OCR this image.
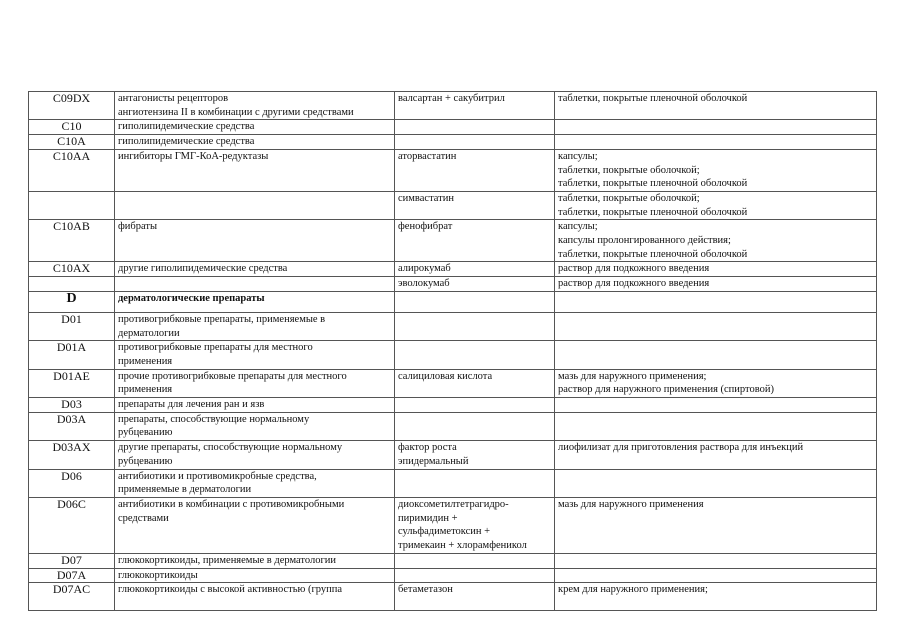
C09DX	антагонисты рецепторов
ангиотензина II в комбинации с другими средствами	валсартан + сакубитрил	таблетки, покрытые пленочной оболочкой

C10	гиполипидемические средства		

C10A	гиполипидемические средства		

C10AA	ингибиторы ГМГ-КоА-редуктазы	аторвастатин	капсулы;
таблетки, покрытые оболочкой;
таблетки, покрытые пленочной оболочкой

		симвастатин	таблетки, покрытые оболочкой;
таблетки, покрытые пленочной оболочкой

C10AB	фибраты	фенофибрат	капсулы;
капсулы пролонгированного действия;
таблетки, покрытые пленочной оболочкой

C10AX	другие гиполипидемические средства	алирокумаб	раствор для подкожного введения

		эволокумаб	раствор для подкожного введения

D	дерматологические препараты		

D01	противогрибковые препараты, применяемые в
дерматологии		

D01A	противогрибковые препараты для местного
применения		

D01AE	прочие противогрибковые препараты для местного
применения	салициловая кислота	мазь для наружного применения;
раствор для наружного применения (спиртовой)

D03	препараты для лечения ран и язв		

D03A	препараты, способствующие нормальному
рубцеванию		

D03AX	другие препараты, способствующие нормальному
рубцеванию	фактор роста
эпидермальный	лиофилизат для приготовления раствора для инъекций

D06	антибиотики и противомикробные средства,
применяемые в дерматологии		

D06C	антибиотики в комбинации с противомикробными
средствами	диоксометилтетрагидро-
пиримидин +
сульфадиметоксин +
тримекаин + хлорамфеникол	мазь для наружного применения

D07	глюкокортикоиды, применяемые в дерматологии		

D07A	глюкокортикоиды		

D07AC	глюкокортикоиды с высокой активностью (группа	бетаметазон	крем для наружного применения;
